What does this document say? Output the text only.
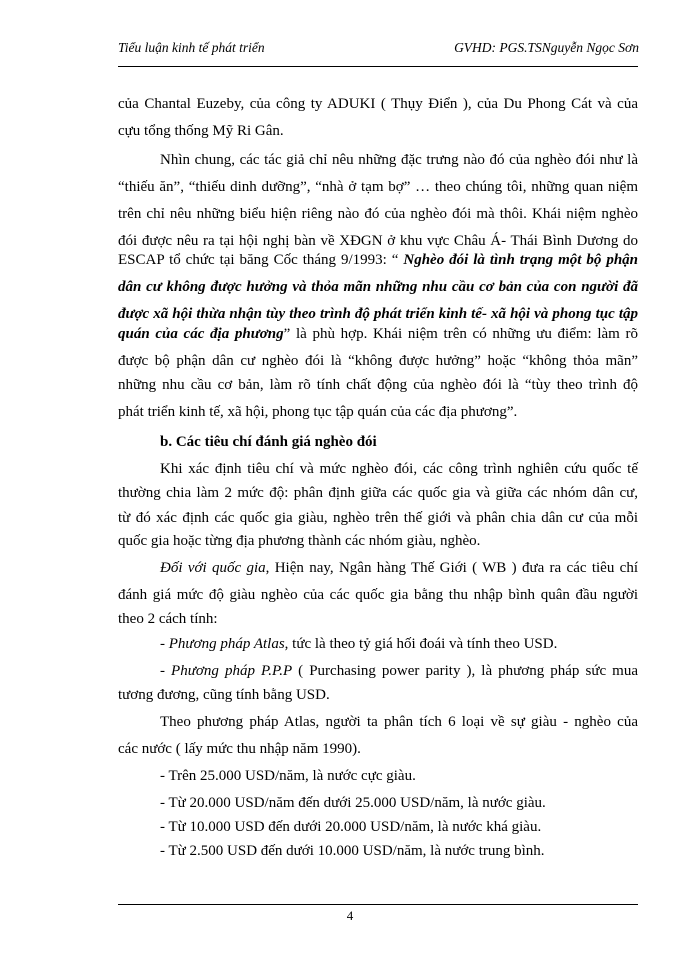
Tiểu luận kinh tế phát triển	GVHD: PGS.TSNguyễn Ngọc Sơn
của Chantal Euzeby, của công ty ADUKI ( Thụy Điển ), của Du Phong Cát và của
cựu tổng thống Mỹ Ri Gân.
Nhìn chung, các tác giả chỉ nêu những đặc trưng nào đó của nghèo đói như là
“thiếu ăn”, “thiếu dinh dưỡng”, “nhà ở tạm bợ” … theo chúng tôi, những quan niệm
trên chỉ nêu những biểu hiện riêng nào đó của nghèo đói mà thôi. Khái niệm nghèo
đói được nêu ra tại hội nghị bàn về XĐGN ở khu vực Châu Á- Thái Bình Dương do
ESCAP tổ chức tại băng Cốc tháng 9/1993: “ Nghèo đói là tình trạng một bộ phận
dân cư không được hưởng và thỏa mãn những nhu cầu cơ bản của con người đã
được xã hội thừa nhận tùy theo trình độ phát triển kinh tế- xã hội và phong tục tập
quán của các địa phương” là phù hợp. Khái niệm trên có những ưu điểm: làm rõ
được bộ phận dân cư nghèo đói là “không được hưởng” hoặc “không thỏa mãn”
những nhu cầu cơ bản, làm rõ tính chất động của nghèo đói là “tùy theo trình độ
phát triển kinh tế, xã hội, phong tục tập quán của các địa phương”.
b. Các tiêu chí đánh giá nghèo đói
Khi xác định tiêu chí và mức nghèo đói, các công trình nghiên cứu quốc tế
thường chia làm 2 mức độ: phân định giữa các quốc gia và giữa các nhóm dân cư,
từ đó xác định các quốc gia giàu, nghèo trên thế giới và phân chia dân cư của mỗi
quốc gia hoặc từng địa phương thành các nhóm giàu, nghèo.
Đối với quốc gia, Hiện nay, Ngân hàng Thế Giới ( WB ) đưa ra các tiêu chí
đánh giá mức độ giàu nghèo của các quốc gia bằng thu nhập bình quân đầu người
theo 2 cách tính:
- Phương pháp Atlas, tức là theo tỷ giá hối đoái và tính theo USD.
- Phương pháp P.P.P ( Purchasing power parity ), là phương pháp sức mua
tương đương, cũng tính bằng USD.
Theo phương pháp Atlas, người ta phân tích 6 loại về sự giàu - nghèo của
các nước ( lấy mức thu nhập năm 1990).
- Trên 25.000 USD/năm, là nước cực giàu.
- Từ 20.000 USD/năm đến dưới 25.000 USD/năm, là nước giàu.
- Từ 10.000 USD đến dưới 20.000 USD/năm, là nước khá giàu.
- Từ 2.500 USD đến dưới 10.000 USD/năm, là nước trung bình.
4
